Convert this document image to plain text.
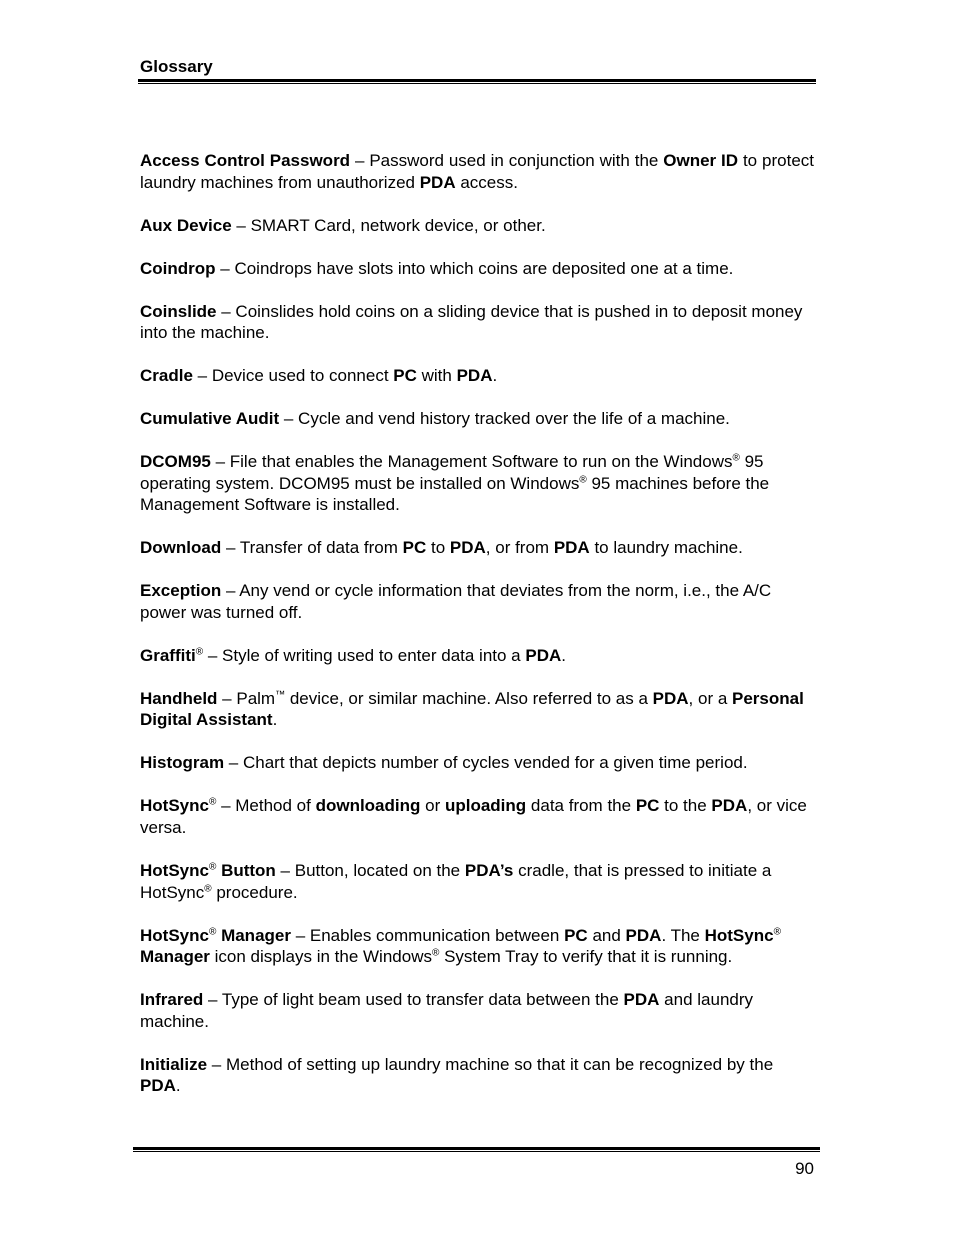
Glossary

Access Control Password – Password used in conjunction with the Owner ID to protect laundry machines from unauthorized PDA access.

Aux Device – SMART Card, network device, or other.

Coindrop – Coindrops have slots into which coins are deposited one at a time.

Coinslide – Coinslides hold coins on a sliding device that is pushed in to deposit money into the machine.

Cradle – Device used to connect PC with PDA.

Cumulative Audit – Cycle and vend history tracked over the life of a machine.

DCOM95 – File that enables the Management Software to run on the Windows® 95 operating system. DCOM95 must be installed on Windows® 95 machines before the Management Software is installed.

Download – Transfer of data from PC to PDA, or from PDA to laundry machine.

Exception – Any vend or cycle information that deviates from the norm, i.e., the A/C power was turned off.

Graffiti® – Style of writing used to enter data into a PDA.

Handheld – Palm™ device, or similar machine. Also referred to as a PDA, or a Personal Digital Assistant.

Histogram – Chart that depicts number of cycles vended for a given time period.

HotSync® – Method of downloading or uploading data from the PC to the PDA, or vice versa.

HotSync® Button – Button, located on the PDA’s cradle, that is pressed to initiate a HotSync® procedure.

HotSync® Manager – Enables communication between PC and PDA. The HotSync® Manager icon displays in the Windows® System Tray to verify that it is running.

Infrared – Type of light beam used to transfer data between the PDA and laundry machine.

Initialize – Method of setting up laundry machine so that it can be recognized by the PDA.

90
